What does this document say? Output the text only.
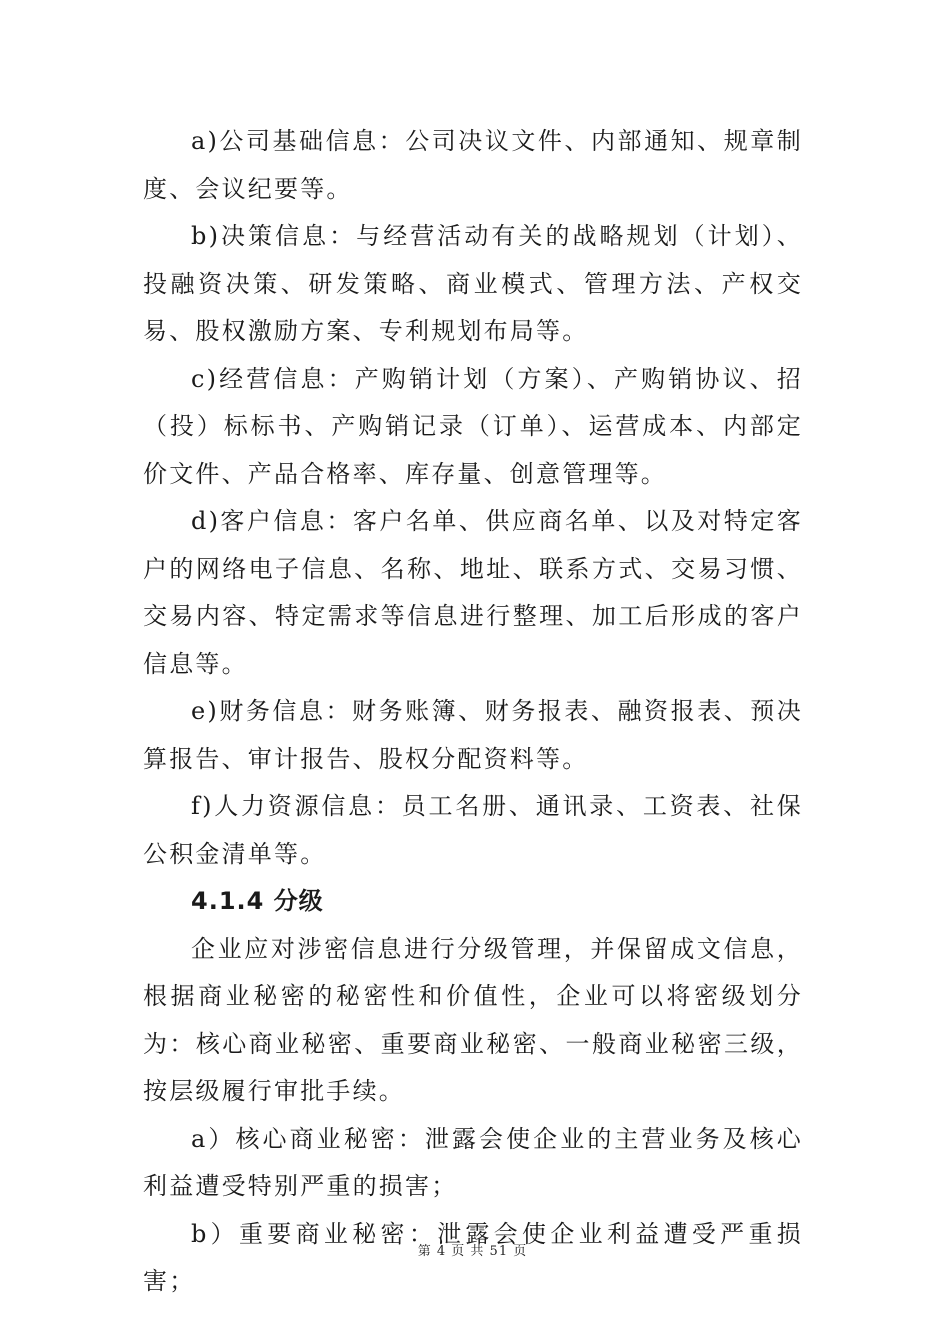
a)公司基础信息：公司决议文件、内部通知、规章制度、会议纪要等。

b)决策信息：与经营活动有关的战略规划（计划）、投融资决策、研发策略、商业模式、管理方法、产权交易、股权激励方案、专利规划布局等。

c)经营信息：产购销计划（方案）、产购销协议、招（投）标标书、产购销记录（订单）、运营成本、内部定价文件、产品合格率、库存量、创意管理等。

d)客户信息：客户名单、供应商名单、以及对特定客户的网络电子信息、名称、地址、联系方式、交易习惯、交易内容、特定需求等信息进行整理、加工后形成的客户信息等。

e)财务信息：财务账簿、财务报表、融资报表、预决算报告、审计报告、股权分配资料等。

f)人力资源信息：员工名册、通讯录、工资表、社保公积金清单等。

4.1.4 分级

企业应对涉密信息进行分级管理，并保留成文信息，根据商业秘密的秘密性和价值性，企业可以将密级划分为：核心商业秘密、重要商业秘密、一般商业秘密三级，按层级履行审批手续。

a）核心商业秘密：泄露会使企业的主营业务及核心利益遭受特别严重的损害；

b）重要商业秘密：泄露会使企业利益遭受严重损害；

第 4 页 共 51 页
